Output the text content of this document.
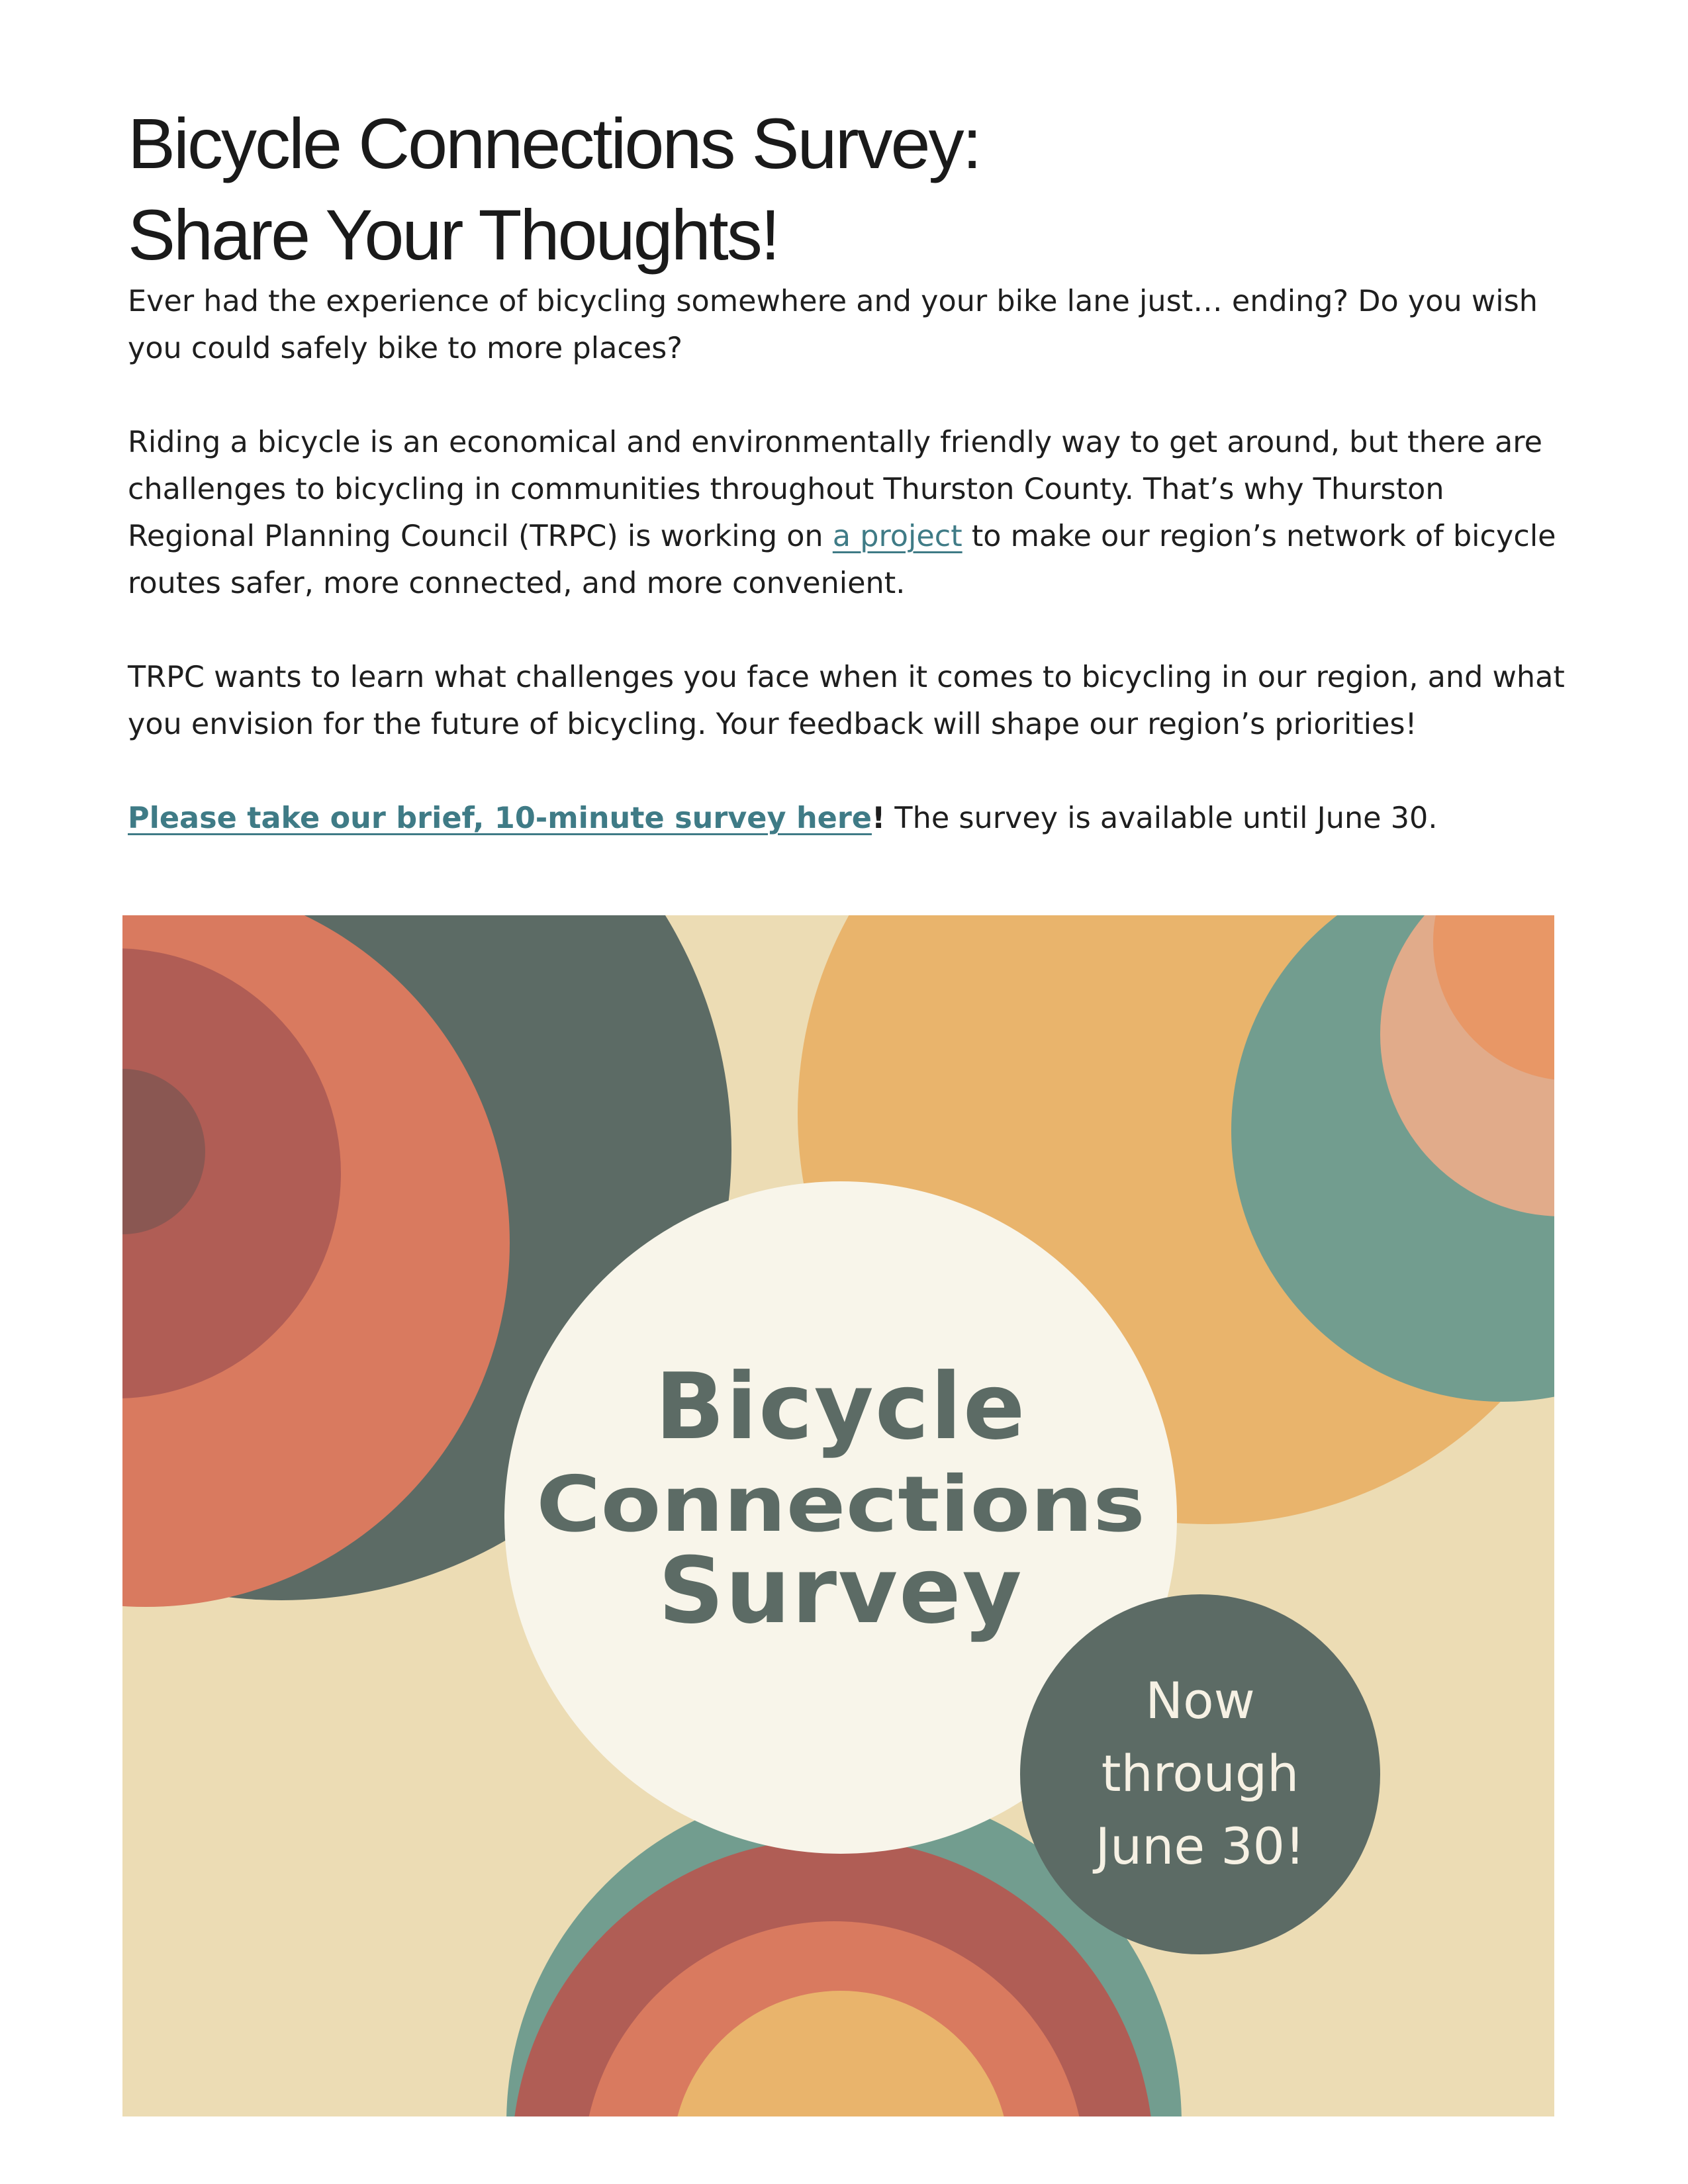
Bicycle Connections Survey:
Share Your Thoughts!

Ever had the experience of bicycling somewhere and your bike lane just… ending? Do you wish you could safely bike to more places?

Riding a bicycle is an economical and environmentally friendly way to get around, but there are challenges to bicycling in communities throughout Thurston County. That’s why Thurston Regional Planning Council (TRPC) is working on a project to make our region’s network of bicycle routes safer, more connected, and more convenient.

TRPC wants to learn what challenges you face when it comes to bicycling in our region, and what you envision for the future of bicycling. Your feedback will shape our region’s priorities!

Please take our brief, 10-minute survey here! The survey is available until June 30.

Bicycle
Connections
Survey
Now
through
June 30!
